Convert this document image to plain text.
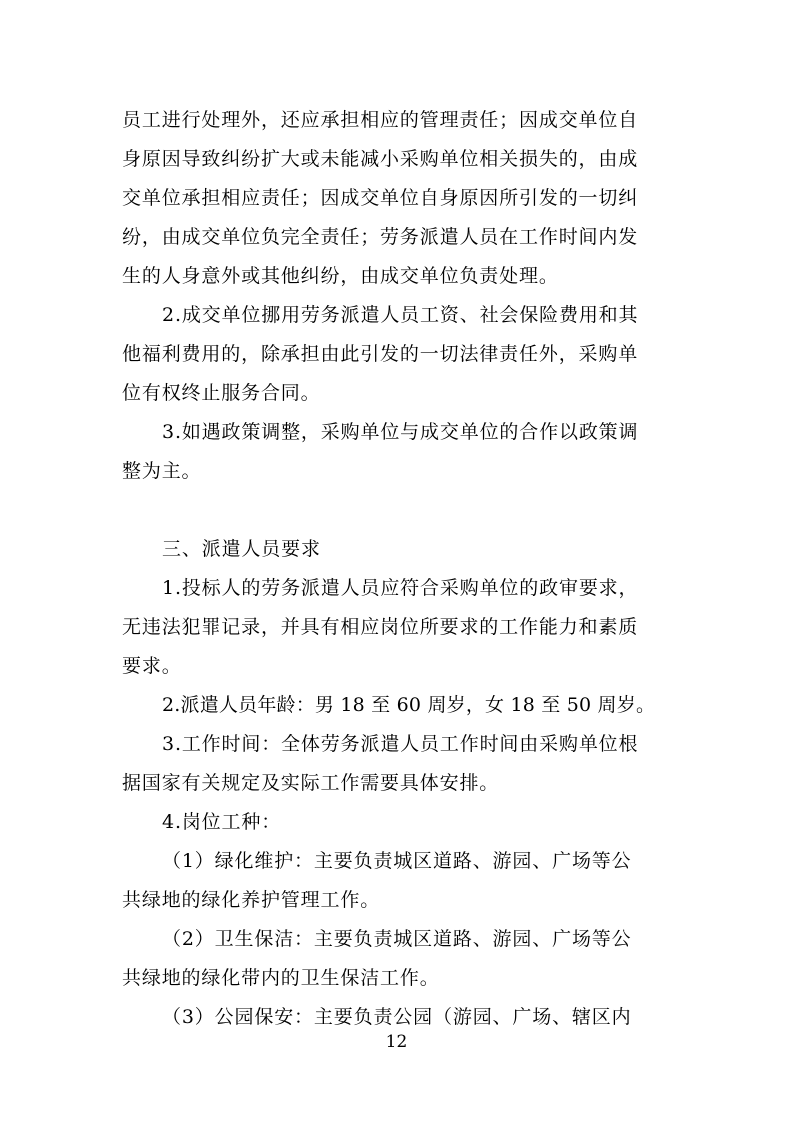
员工进行处理外，还应承担相应的管理责任；因成交单位自
身原因导致纠纷扩大或未能减小采购单位相关损失的，由成
交单位承担相应责任；因成交单位自身原因所引发的一切纠
纷，由成交单位负完全责任；劳务派遣人员在工作时间内发
生的人身意外或其他纠纷，由成交单位负责处理。
2.成交单位挪用劳务派遣人员工资、社会保险费用和其
他福利费用的，除承担由此引发的一切法律责任外，采购单
位有权终止服务合同。
3.如遇政策调整，采购单位与成交单位的合作以政策调
整为主。
三、派遣人员要求
1.投标人的劳务派遣人员应符合采购单位的政审要求，
无违法犯罪记录，并具有相应岗位所要求的工作能力和素质
要求。
2.派遣人员年龄：男 18 至 60 周岁，女 18 至 50 周岁。
3.工作时间：全体劳务派遣人员工作时间由采购单位根
据国家有关规定及实际工作需要具体安排。
4.岗位工种：
（1）绿化维护：主要负责城区道路、游园、广场等公
共绿地的绿化养护管理工作。
（2）卫生保洁：主要负责城区道路、游园、广场等公
共绿地的绿化带内的卫生保洁工作。
（3）公园保安：主要负责公园（游园、广场、辖区内
12
